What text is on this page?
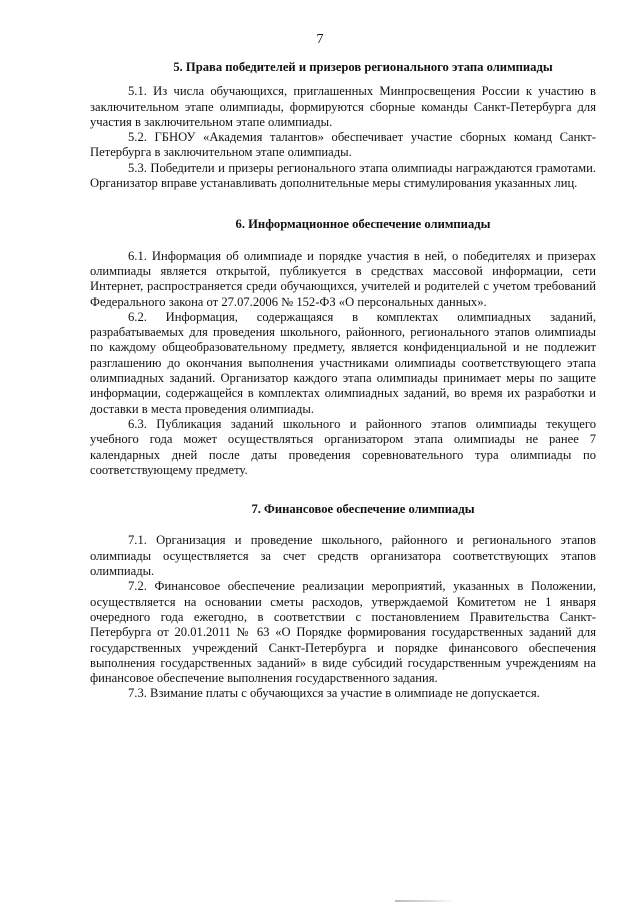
7

5. Права победителей и призеров регионального этапа олимпиады

5.1. Из числа обучающихся, приглашенных Минпросвещения России к участию в заключительном этапе олимпиады, формируются сборные команды Санкт-Петербурга для участия в заключительном этапе олимпиады.

5.2. ГБНОУ «Академия талантов» обеспечивает участие сборных команд Санкт-Петербурга в заключительном этапе олимпиады.

5.3. Победители и призеры регионального этапа олимпиады награждаются грамотами. Организатор вправе устанавливать дополнительные меры стимулирования указанных лиц.

6. Информационное обеспечение олимпиады

6.1. Информация об олимпиаде и порядке участия в ней, о победителях и призерах олимпиады является открытой, публикуется в средствах массовой информации, сети Интернет, распространяется среди обучающихся, учителей и родителей с учетом требований Федерального закона от 27.07.2006 № 152-ФЗ «О персональных данных».

6.2. Информация, содержащаяся в комплектах олимпиадных заданий, разрабатываемых для проведения школьного, районного, регионального этапов олимпиады по каждому общеобразовательному предмету, является конфиденциальной и не подлежит разглашению до окончания выполнения участниками олимпиады соответствующего этапа олимпиадных заданий. Организатор каждого этапа олимпиады принимает меры по защите информации, содержащейся в комплектах олимпиадных заданий, во время их разработки и доставки в места проведения олимпиады.

6.3. Публикация заданий школьного и районного этапов олимпиады текущего учебного года может осуществляться организатором этапа олимпиады не ранее 7 календарных дней после даты проведения соревновательного тура олимпиады по соответствующему предмету.

7. Финансовое обеспечение олимпиады

7.1. Организация и проведение школьного, районного и регионального этапов олимпиады осуществляется за счет средств организатора соответствующих этапов олимпиады.

7.2. Финансовое обеспечение реализации мероприятий, указанных в Положении, осуществляется на основании сметы расходов, утверждаемой Комитетом не 1 января очередного года ежегодно, в соответствии с постановлением Правительства Санкт-Петербурга от 20.01.2011 № 63 «О Порядке формирования государственных заданий для государственных учреждений Санкт-Петербурга и порядке финансового обеспечения выполнения государственных заданий» в виде субсидий государственным учреждениям на финансовое обеспечение выполнения государственного задания.

7.3. Взимание платы с обучающихся за участие в олимпиаде не допускается.
